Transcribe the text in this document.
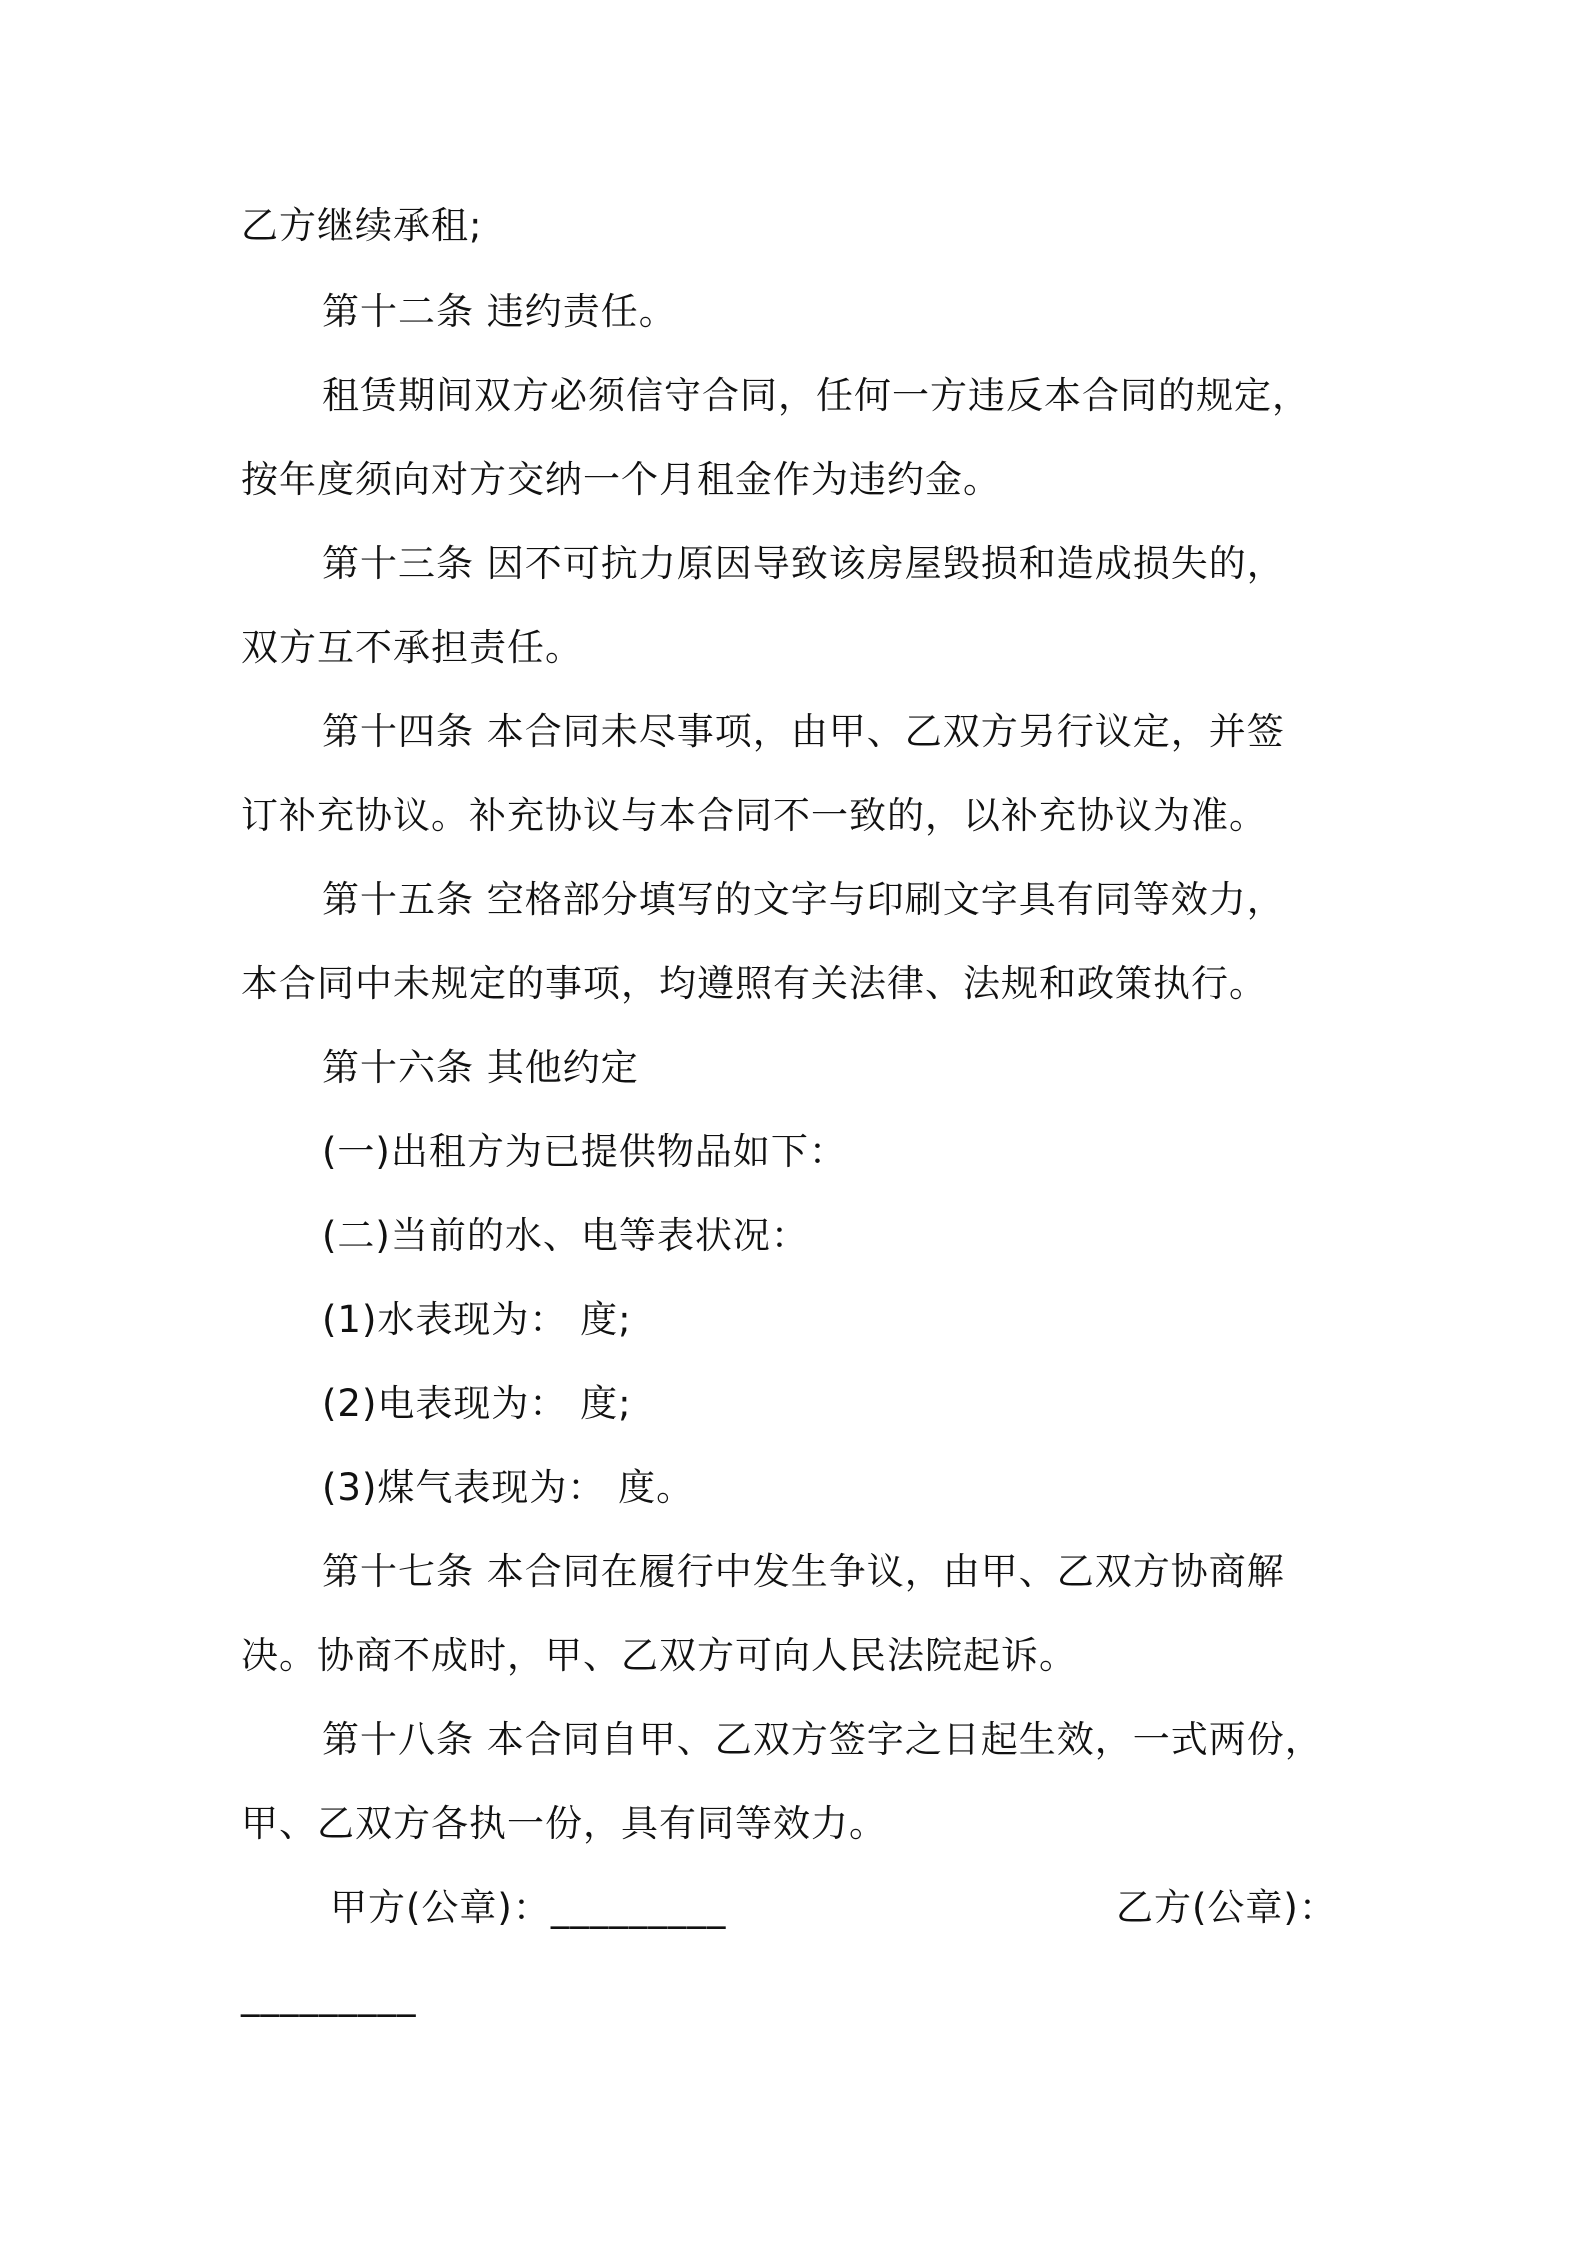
乙方继续承租;
第十二条 违约责任。
租赁期间双方必须信守合同，任何一方违反本合同的规定，
按年度须向对方交纳一个月租金作为违约金。
第十三条 因不可抗力原因导致该房屋毁损和造成损失的，
双方互不承担责任。
第十四条 本合同未尽事项，由甲、乙双方另行议定，并签
订补充协议。补充协议与本合同不一致的，以补充协议为准。
第十五条 空格部分填写的文字与印刷文字具有同等效力，
本合同中未规定的事项，均遵照有关法律、法规和政策执行。
第十六条 其他约定
(一)出租方为已提供物品如下：
(二)当前的水、电等表状况：
(1)水表现为： 度;
(2)电表现为： 度;
(3)煤气表现为： 度。
第十七条 本合同在履行中发生争议，由甲、乙双方协商解
决。协商不成时，甲、乙双方可向人民法院起诉。
第十八条 本合同自甲、乙双方签字之日起生效，一式两份，
甲、乙双方各执一份，具有同等效力。
甲方(公章)：_________	乙方(公章)：
_________
